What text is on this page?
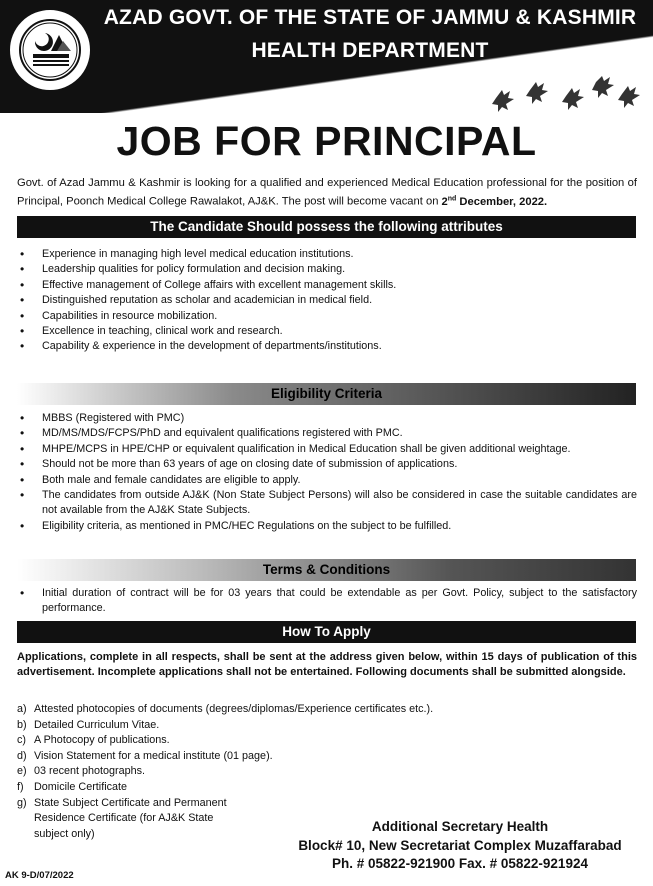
AZAD GOVT. OF THE STATE OF JAMMU & KASHMIR
HEALTH DEPARTMENT
JOB FOR PRINCIPAL
Govt. of Azad Jammu & Kashmir is looking for a qualified and experienced Medical Education professional for the position of Principal, Poonch Medical College Rawalakot, AJ&K. The post will become vacant on 2nd December, 2022.
The Candidate Should possess the following attributes
• Experience in managing high level medical education institutions.
• Leadership qualities for policy formulation and decision making.
• Effective management of College affairs with excellent management skills.
• Distinguished reputation as scholar and academician in medical field.
• Capabilities in resource mobilization.
• Excellence in teaching, clinical work and research.
• Capability & experience in the development of departments/institutions.
Eligibility Criteria
• MBBS (Registered with PMC)
• MD/MS/MDS/FCPS/PhD and equivalent qualifications registered with PMC.
• MHPE/MCPS in HPE/CHP or equivalent qualification in Medical Education shall be given additional weightage.
• Should not be more than 63 years of age on closing date of submission of applications.
• Both male and female candidates are eligible to apply.
• The candidates from outside AJ&K (Non State Subject Persons) will also be considered in case the suitable candidates are not available from the AJ&K State Subjects.
• Eligibility criteria, as mentioned in PMC/HEC Regulations on the subject to be fulfilled.
Terms & Conditions
• Initial duration of contract will be for 03 years that could be extendable as per Govt. Policy, subject to the satisfactory performance.
How To Apply
Applications, complete in all respects, shall be sent at the address given below, within 15 days of publication of this advertisement. Incomplete applications shall not be entertained. Following documents shall be submitted alongside.
a) Attested photocopies of documents (degrees/diplomas/Experience certificates etc.).
b) Detailed Curriculum Vitae.
c) A Photocopy of publications.
d) Vision Statement for a medical institute (01 page).
e) 03 recent photographs.
f) Domicile Certificate
g) State Subject Certificate and Permanent Residence Certificate (for AJ&K State subject only)	Additional Secretary Health
Block# 10, New Secretariat Complex Muzaffarabad
Ph. # 05822-921900 Fax. # 05822-921924
AK 9-D/07/2022
